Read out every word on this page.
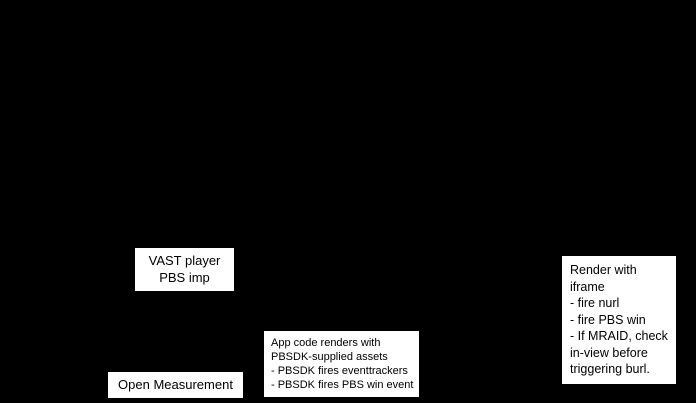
VAST player
PBS imp
Open Measurement
App code renders with
PBSDK-supplied assets
- PBSDK fires eventtrackers
- PBSDK fires PBS win event
Render with
iframe
- fire nurl
- fire PBS win
- If MRAID, check
in-view before
triggering burl.
